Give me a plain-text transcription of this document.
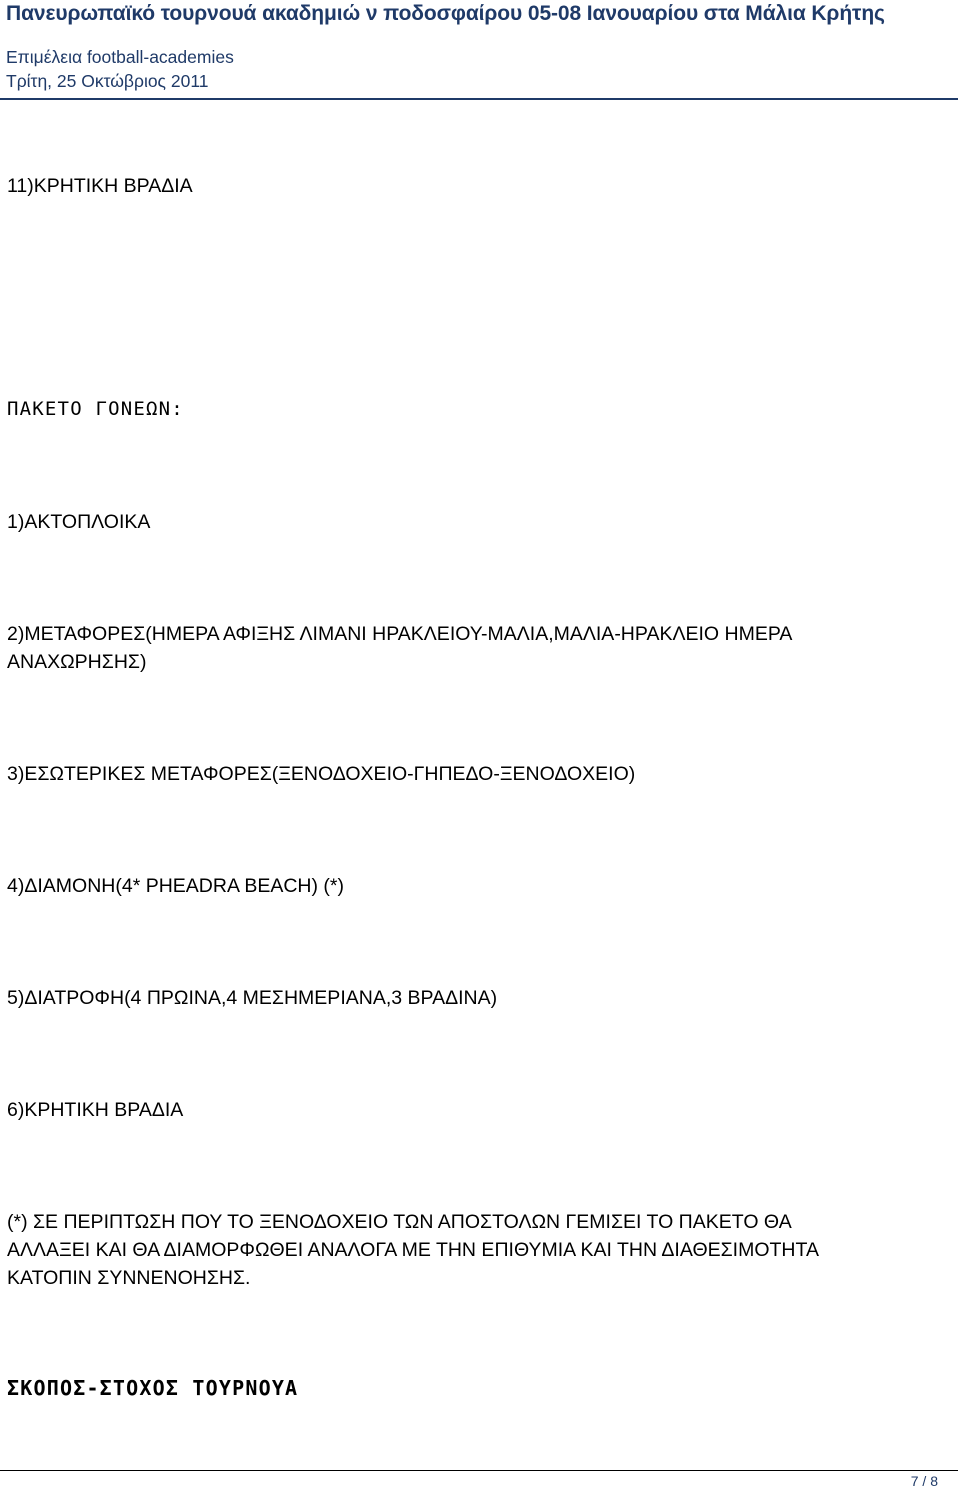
Πανευρωπαϊκό τουρνουά ακαδημιώ ν ποδοσφαίρου 05-08 Ιανουαρίου στα Μάλια Κρήτης
Επιμέλεια football-academies
Τρίτη, 25 Οκτώβριος 2011
11)ΚΡΗΤΙΚΗ ΒΡΑΔΙΑ
ΠΑΚΕΤΟ ΓΟΝΕΩΝ:
1)ΑΚΤΟΠΛΟΙΚΑ
2)ΜΕΤΑΦΟΡΕΣ(ΗΜΕΡΑ ΑΦΙΞΗΣ ΛΙΜΑΝΙ ΗΡΑΚΛΕΙΟΥ-ΜΑΛΙΑ,ΜΑΛΙΑ-ΗΡΑΚΛΕΙΟ ΗΜΕΡΑ
ΑΝΑΧΩΡΗΣΗΣ)
3)ΕΣΩΤΕΡΙΚΕΣ ΜΕΤΑΦΟΡΕΣ(ΞΕΝΟΔΟΧΕΙΟ-ΓΗΠΕΔΟ-ΞΕΝΟΔΟΧΕΙΟ)
4)ΔΙΑΜΟΝΗ(4* PHEADRA BEACH) (*)
5)ΔΙΑΤΡΟΦΗ(4 ΠΡΩΙΝΑ,4 ΜΕΣΗΜΕΡΙΑΝΑ,3 ΒΡΑΔΙΝΑ)
6)ΚΡΗΤΙΚΗ ΒΡΑΔΙΑ
(*) ΣΕ ΠΕΡΙΠΤΩΣΗ ΠΟΥ ΤΟ ΞΕΝΟΔΟΧΕΙΟ ΤΩΝ ΑΠΟΣΤΟΛΩΝ ΓΕΜΙΣΕΙ ΤΟ ΠΑΚΕΤΟ ΘΑ
ΑΛΛΑΞΕΙ ΚΑΙ ΘΑ ΔΙΑΜΟΡΦΩΘΕΙ ΑΝΑΛΟΓΑ ΜΕ ΤΗΝ ΕΠΙΘΥΜΙΑ ΚΑΙ ΤΗΝ ΔΙΑΘΕΣΙΜΟΤΗΤΑ
ΚΑΤΟΠΙΝ ΣΥΝΝΕΝΟΗΣΗΣ.
ΣΚΟΠΟΣ-ΣΤΟΧΟΣ ΤΟΥΡΝΟΥΑ
7 / 8
